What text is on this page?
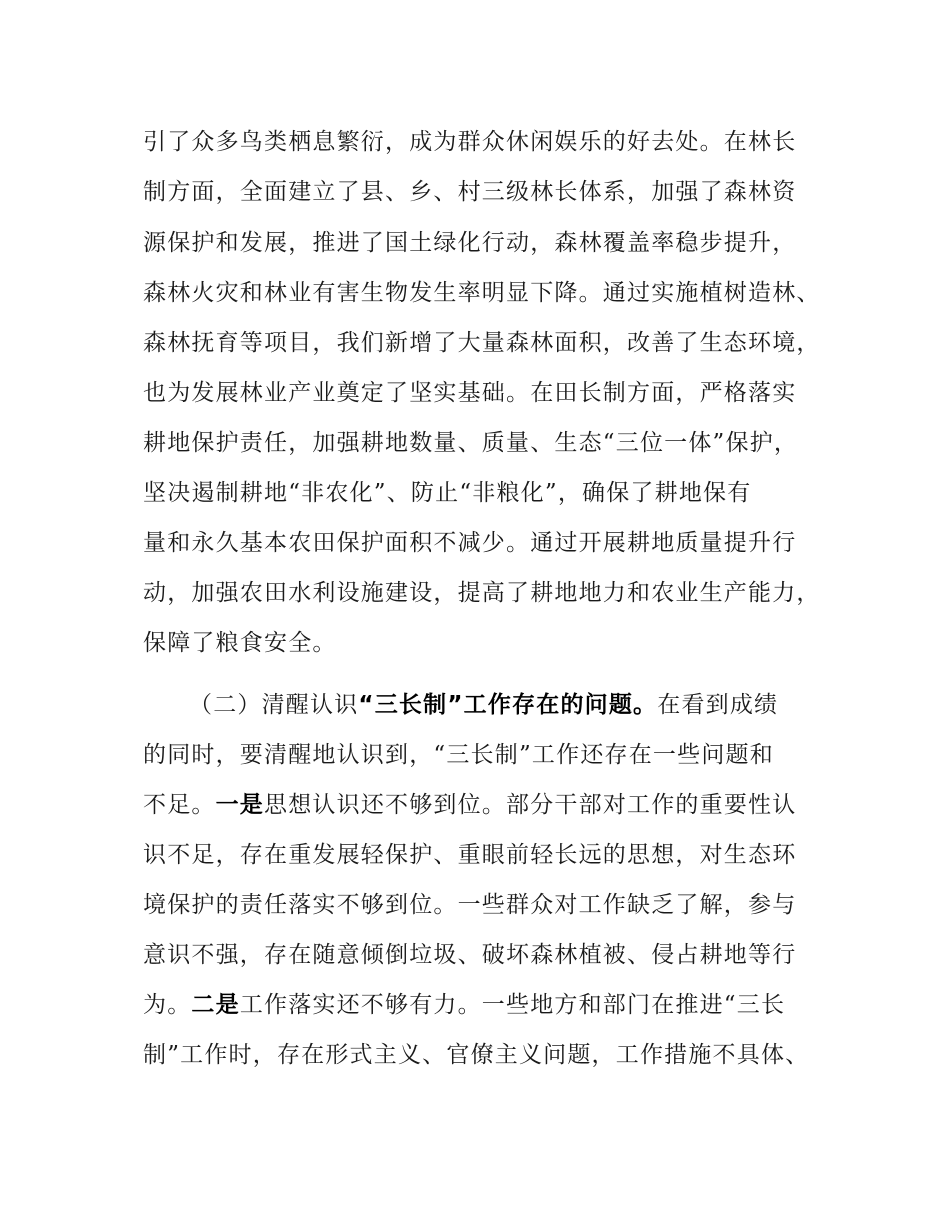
引了众多鸟类栖息繁衍，成为群众休闲娱乐的好去处。在林长
制方面，全面建立了县、乡、村三级林长体系，加强了森林资
源保护和发展，推进了国土绿化行动，森林覆盖率稳步提升，
森林火灾和林业有害生物发生率明显下降。通过实施植树造林、
森林抚育等项目，我们新增了大量森林面积，改善了生态环境，
也为发展林业产业奠定了坚实基础。在田长制方面，严格落实
耕地保护责任，加强耕地数量、质量、生态“三位一体”保护，
坚决遏制耕地“非农化”、防止“非粮化”，确保了耕地保有
量和永久基本农田保护面积不减少。通过开展耕地质量提升行
动，加强农田水利设施建设，提高了耕地地力和农业生产能力，
保障了粮食安全。
（二）清醒认识“三长制”工作存在的问题。在看到成绩
的同时，要清醒地认识到，“三长制”工作还存在一些问题和
不足。一是思想认识还不够到位。部分干部对工作的重要性认
识不足，存在重发展轻保护、重眼前轻长远的思想，对生态环
境保护的责任落实不够到位。一些群众对工作缺乏了解，参与
意识不强，存在随意倾倒垃圾、破坏森林植被、侵占耕地等行
为。二是工作落实还不够有力。一些地方和部门在推进“三长
制”工作时，存在形式主义、官僚主义问题，工作措施不具体、
